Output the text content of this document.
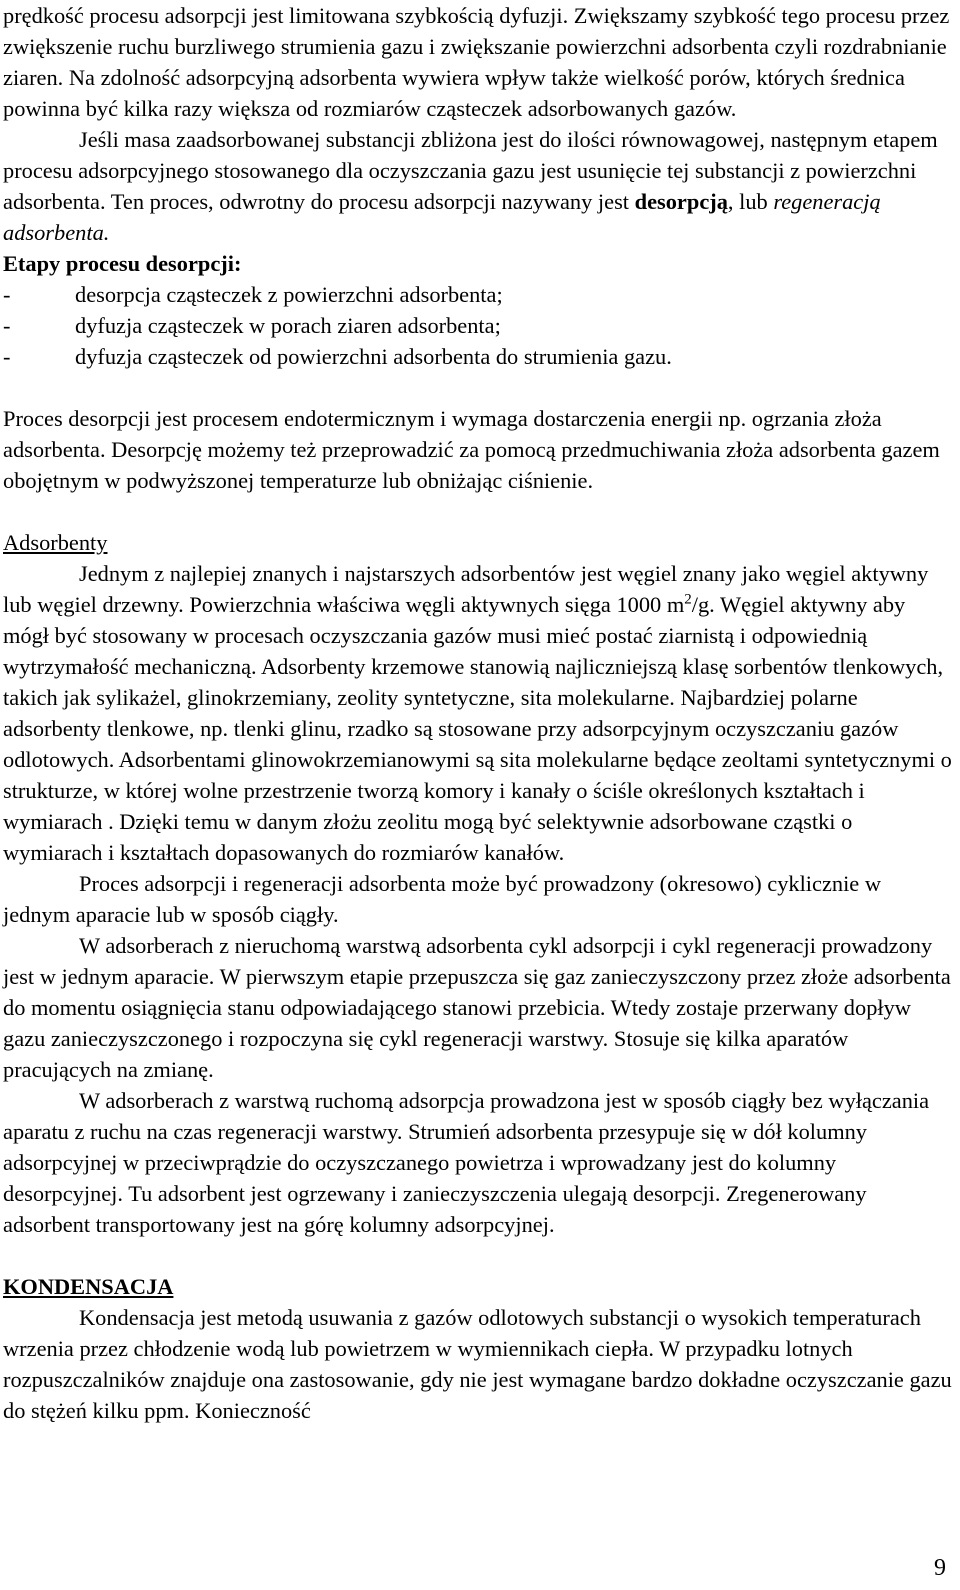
prędkość procesu adsorpcji jest limitowana szybkością dyfuzji. Zwiększamy szybkość tego procesu przez zwiększenie ruchu burzliwego strumienia gazu i zwiększanie powierzchni adsorbenta czyli rozdrabnianie ziaren. Na zdolność adsorpcyjną adsorbenta wywiera wpływ także wielkość porów, których średnica powinna być kilka razy większa od rozmiarów cząsteczek adsorbowanych gazów.

Jeśli masa zaadsorbowanej substancji zbliżona jest do ilości równowagowej, następnym etapem procesu adsorpcyjnego stosowanego dla oczyszczania gazu jest usunięcie tej substancji z powierzchni adsorbenta. Ten proces, odwrotny do procesu adsorpcji nazywany jest desorpcją, lub regeneracją adsorbenta.

Etapy procesu desorpcji:

-	desorpcja cząsteczek z powierzchni adsorbenta;
-	dyfuzja cząsteczek w porach ziaren adsorbenta;
-	dyfuzja cząsteczek od powierzchni adsorbenta do strumienia gazu.

Proces desorpcji jest procesem endotermicznym i wymaga dostarczenia energii np. ogrzania złoża adsorbenta. Desorpcję możemy też przeprowadzić za pomocą przedmuchiwania złoża adsorbenta gazem obojętnym w podwyższonej temperaturze lub obniżając ciśnienie.

Adsorbenty

Jednym z najlepiej znanych i najstarszych adsorbentów jest węgiel znany jako węgiel aktywny lub węgiel drzewny. Powierzchnia właściwa węgli aktywnych sięga 1000 $m^2/g$. Węgiel aktywny aby mógł być stosowany w procesach oczyszczania gazów musi mieć postać ziarnistą i odpowiednią wytrzymałość mechaniczną. Adsorbenty krzemowe stanowią najliczniejszą klasę sorbentów tlenkowych, takich jak sylikażel, glinokrzemiany, zeolity syntetyczne, sita molekularne. Najbardziej polarne adsorbenty tlenkowe, np. tlenki glinu, rzadko są stosowane przy adsorpcyjnym oczyszczaniu gazów odlotowych. Adsorbentami glinowokrzemianowymi są sita molekularne będące zeoltami syntetycznymi o strukturze, w której wolne przestrzenie tworzą komory i kanały o ściśle określonych kształtach i wymiarach . Dzięki temu w danym złożu zeolitu mogą być selektywnie adsorbowane cząstki o wymiarach i kształtach dopasowanych do rozmiarów kanałów.

Proces adsorpcji i regeneracji adsorbenta może być prowadzony (okresowo) cyklicznie w jednym aparacie lub w sposób ciągły.

W adsorberach z nieruchomą warstwą adsorbenta cykl adsorpcji i cykl regeneracji prowadzony jest w jednym aparacie. W pierwszym etapie przepuszcza się gaz zanieczyszczony przez złoże adsorbenta do momentu osiągnięcia stanu odpowiadającego stanowi przebicia. Wtedy zostaje przerwany dopływ gazu zanieczyszczonego i rozpoczyna się cykl regeneracji warstwy. Stosuje się kilka aparatów pracujących na zmianę.

W adsorberach z warstwą ruchomą adsorpcja prowadzona jest w sposób ciągły bez wyłączania aparatu z ruchu na czas regeneracji warstwy. Strumień adsorbenta przesypuje się w dół kolumny adsorpcyjnej w przeciwprądzie do oczyszczanego powietrza i wprowadzany jest do kolumny desorpcyjnej. Tu adsorbent jest ogrzewany i zanieczyszczenia ulegają desorpcji. Zregenerowany adsorbent transportowany jest na górę kolumny adsorpcyjnej.

KONDENSACJA

Kondensacja jest metodą usuwania z gazów odlotowych substancji o wysokich temperaturach wrzenia przez chłodzenie wodą lub powietrzem w wymiennikach ciepła. W przypadku lotnych rozpuszczalników znajduje ona zastosowanie, gdy nie jest wymagane bardzo dokładne oczyszczanie gazu do stężeń kilku ppm. Konieczność

9
